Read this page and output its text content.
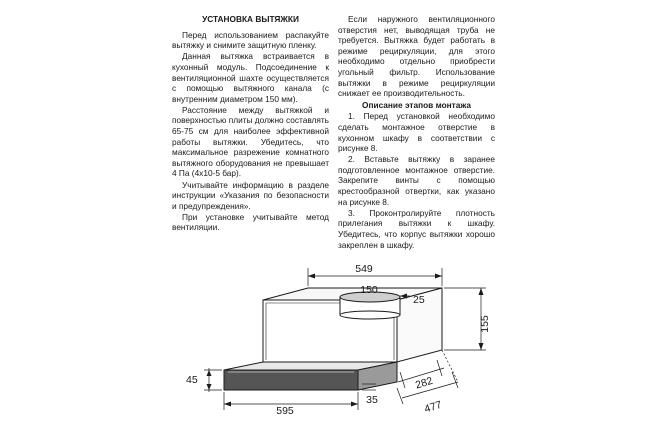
УСТАНОВКА ВЫТЯЖКИ

Перед использованием распакуйте вытяжку и снимите защитную пленку.

Данная вытяжка встраивается в кухонный модуль. Подсоединение к вентиляционной шахте осуществляется с помощью вытяжного канала (с внутренним диаметром 150 мм).

Расстояние между вытяжкой и поверхностью плиты должно составлять 65-75 см для наиболее эффективной работы вытяжки. Убедитесь, что максимальное разрежение комнатного вытяжного оборудования не превышает 4 Па (4x10-5 бар).

Учитывайте информацию в разделе инструкции «Указания по безопасности и предупреждения».

При установке учитывайте метод вентиляции.

Если наружного вентиляционного отверстия нет, выводящая труба не требуется. Вытяжка будет работать в режиме рециркуляции, для этого необходимо отдельно приобрести угольный фильтр. Использование вытяжки в режиме рециркуляции снижает ее производительность.

Описание этапов монтажа

1. Перед установкой необходимо сделать монтажное отверстие в кухонном шкафу в соответствии с рисунке 8.

2. Вставьте вытяжку в заранее подготовленное монтажное отверстие. Закрепите винты с помощью крестообразной отвертки, как указано на рисунке 8.

3. Проконтролируйте плотность прилегания вытяжки к шкафу. Убедитесь, что корпус вытяжки хорошо закреплен в шкафу.

549
150
25
155
45
595
35
282
477
